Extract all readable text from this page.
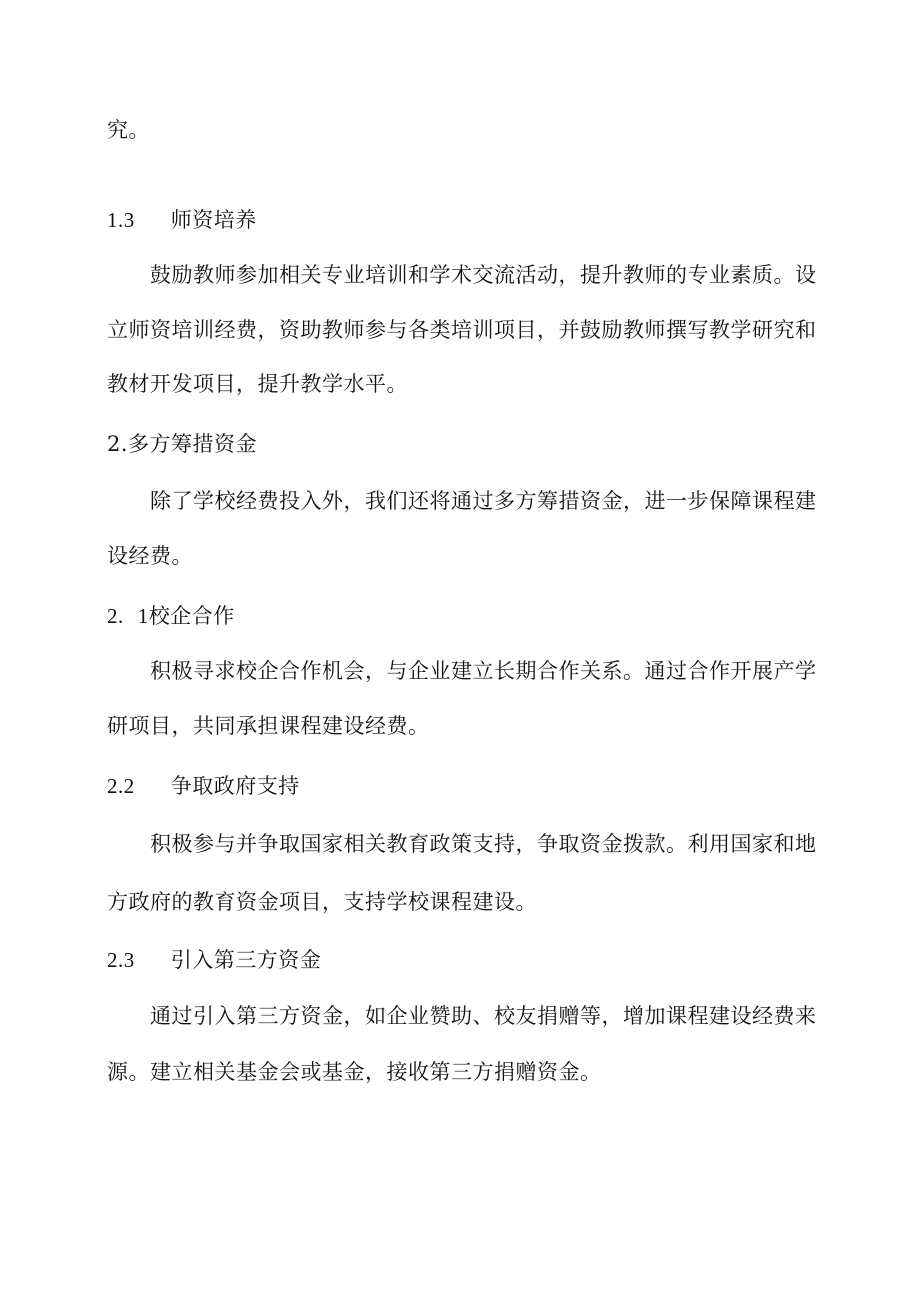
究。
1.3 师资培养
鼓励教师参加相关专业培训和学术交流活动，提升教师的专业素质。设
立师资培训经费，资助教师参与各类培训项目，并鼓励教师撰写教学研究和
教材开发项目，提升教学水平。
2.多方筹措资金
除了学校经费投入外，我们还将通过多方筹措资金，进一步保障课程建
设经费。
2. 1校企合作
积极寻求校企合作机会，与企业建立长期合作关系。通过合作开展产学
研项目，共同承担课程建设经费。
2.2 争取政府支持
积极参与并争取国家相关教育政策支持，争取资金拨款。利用国家和地
方政府的教育资金项目，支持学校课程建设。
2.3 引入第三方资金
通过引入第三方资金，如企业赞助、校友捐赠等，增加课程建设经费来
源。建立相关基金会或基金，接收第三方捐赠资金。
